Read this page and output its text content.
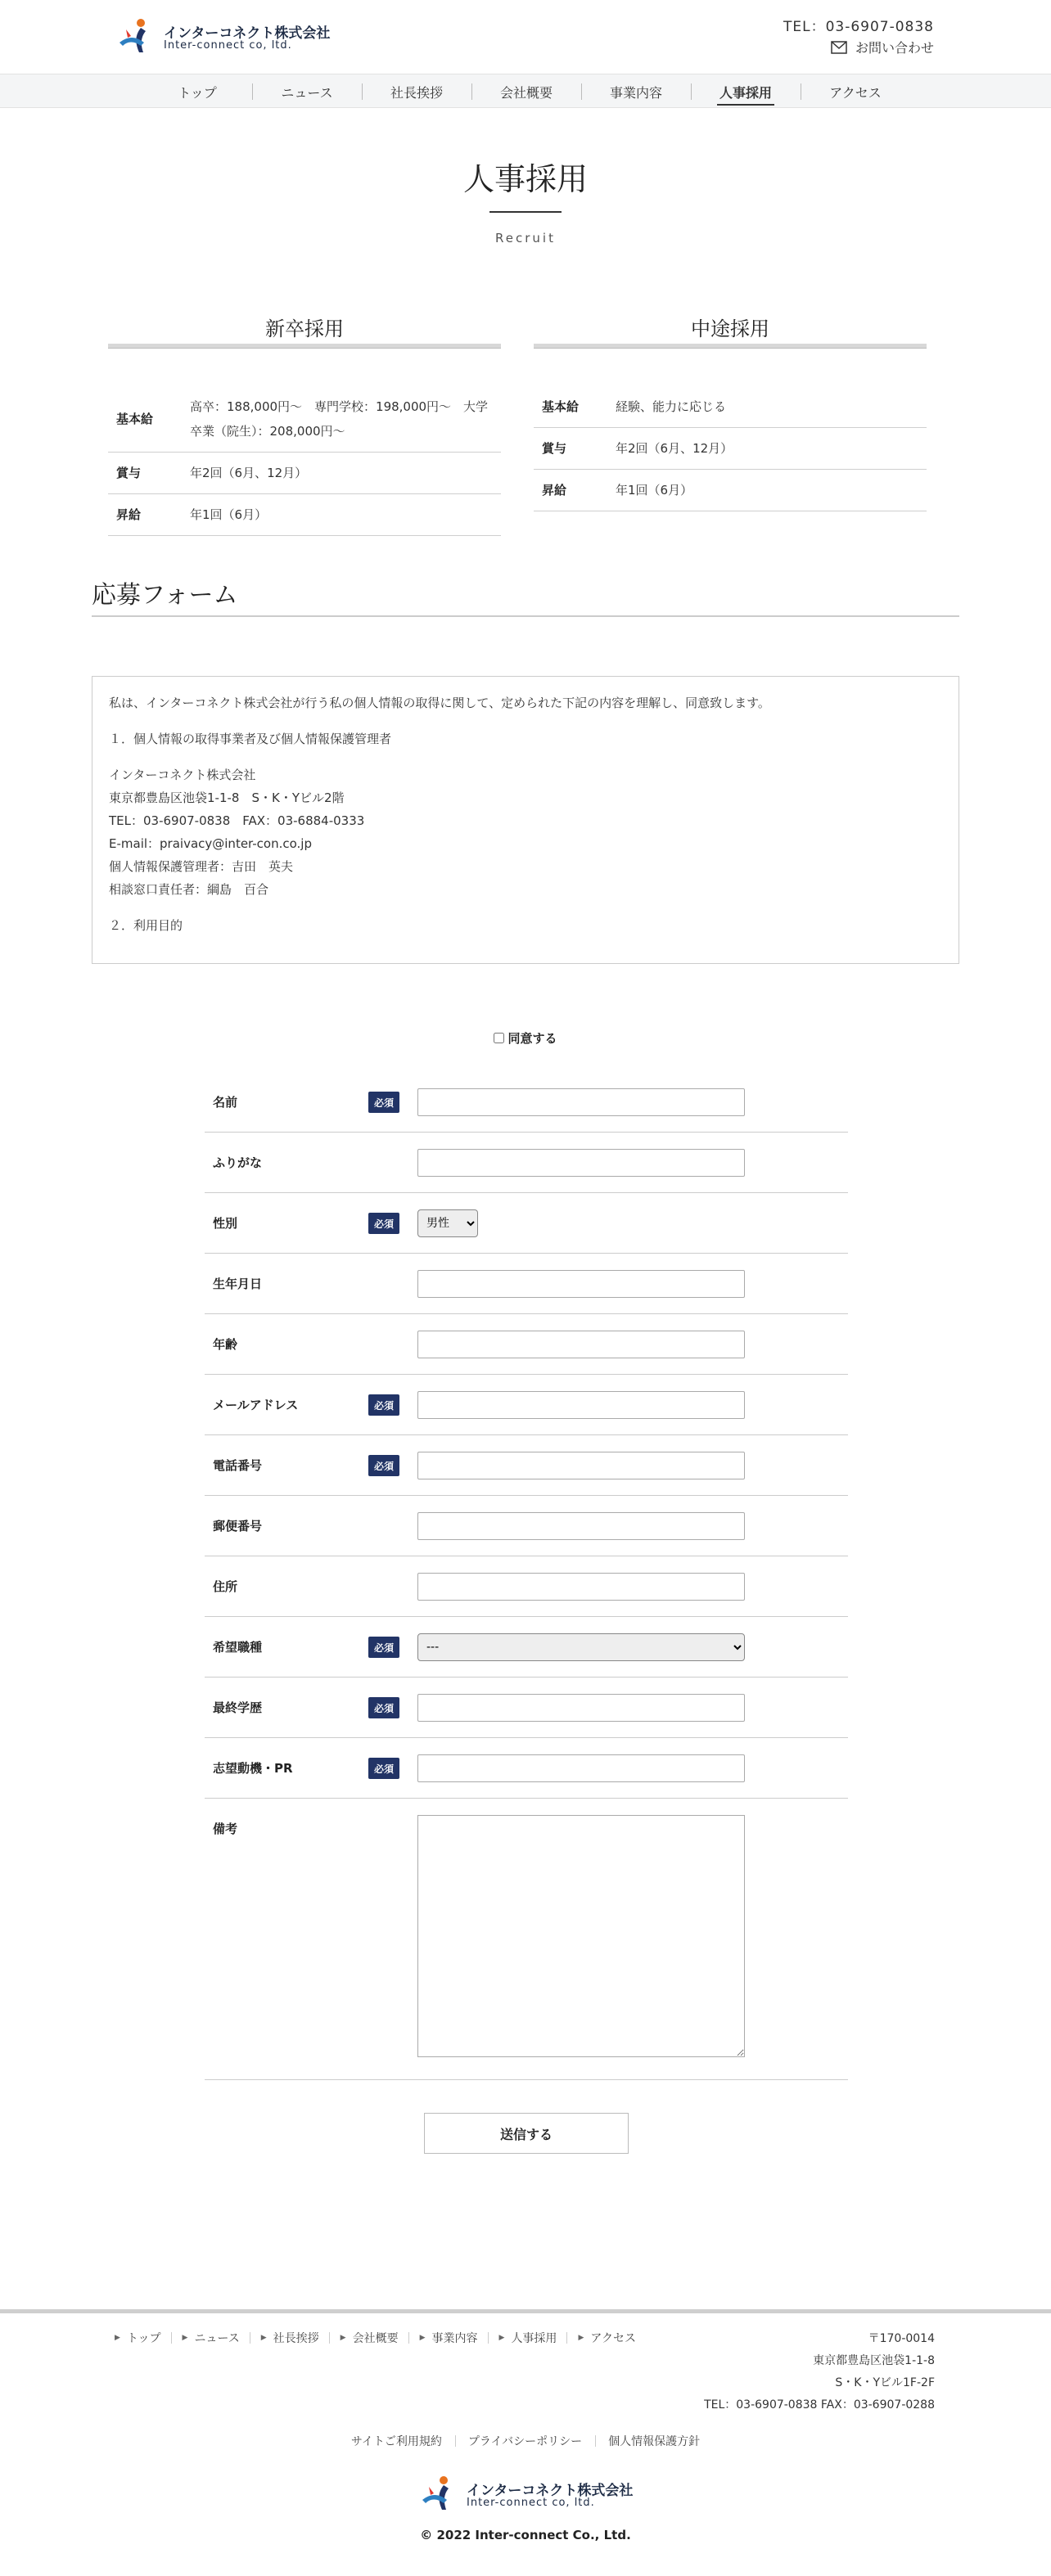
インターコネクト株式会社
Inter-connect co, ltd.
TEL：03-6907-0838
お問い合わせ
トップ	ニュース	社長挨拶	会社概要	事業内容	人事採用	アクセス
人事採用
Recruit
新卒採用
基本給	高卒：188,000円〜　専門学校：198,000円〜　大学卒業（院生）：208,000円〜
賞与	年2回（6月、12月）
昇給	年1回（6月）
中途採用
基本給	経験、能力に応じる
賞与	年2回（6月、12月）
昇給	年1回（6月）
応募フォーム

私は、インターコネクト株式会社が行う私の個人情報の取得に関して、定められた下記の内容を理解し、同意致します。

１．個人情報の取得事業者及び個人情報保護管理者

インターコネクト株式会社

東京都豊島区池袋1-1-8　S・K・Yビル2階

TEL：03-6907-0838　FAX：03-6884-0333

E-mail：praivacy@inter-con.co.jp

個人情報保護管理者：吉田　英夫

相談窓口責任者：綱島　百合

２．利用目的

同意する
名前	必須
ふりがな
性別	必須
男性
生年月日
年齢
メールアドレス	必須
電話番号	必須
郵便番号
住所
希望職種	必須
---
最終学歴	必須
志望動機・PR	必須
備考
送信する
▶ トップ	▶ ニュース	▶ 社長挨拶	▶ 会社概要	▶ 事業内容	▶ 人事採用	▶ アクセス	〒170-0014
東京都豊島区池袋1-1-8
S・K・Yビル1F-2F
TEL：03-6907-0838 FAX：03-6907-0288
サイトご利用規約	プライバシーポリシー	個人情報保護方針
インターコネクト株式会社
Inter-connect co, ltd.
© 2022 Inter-connect Co., Ltd.
